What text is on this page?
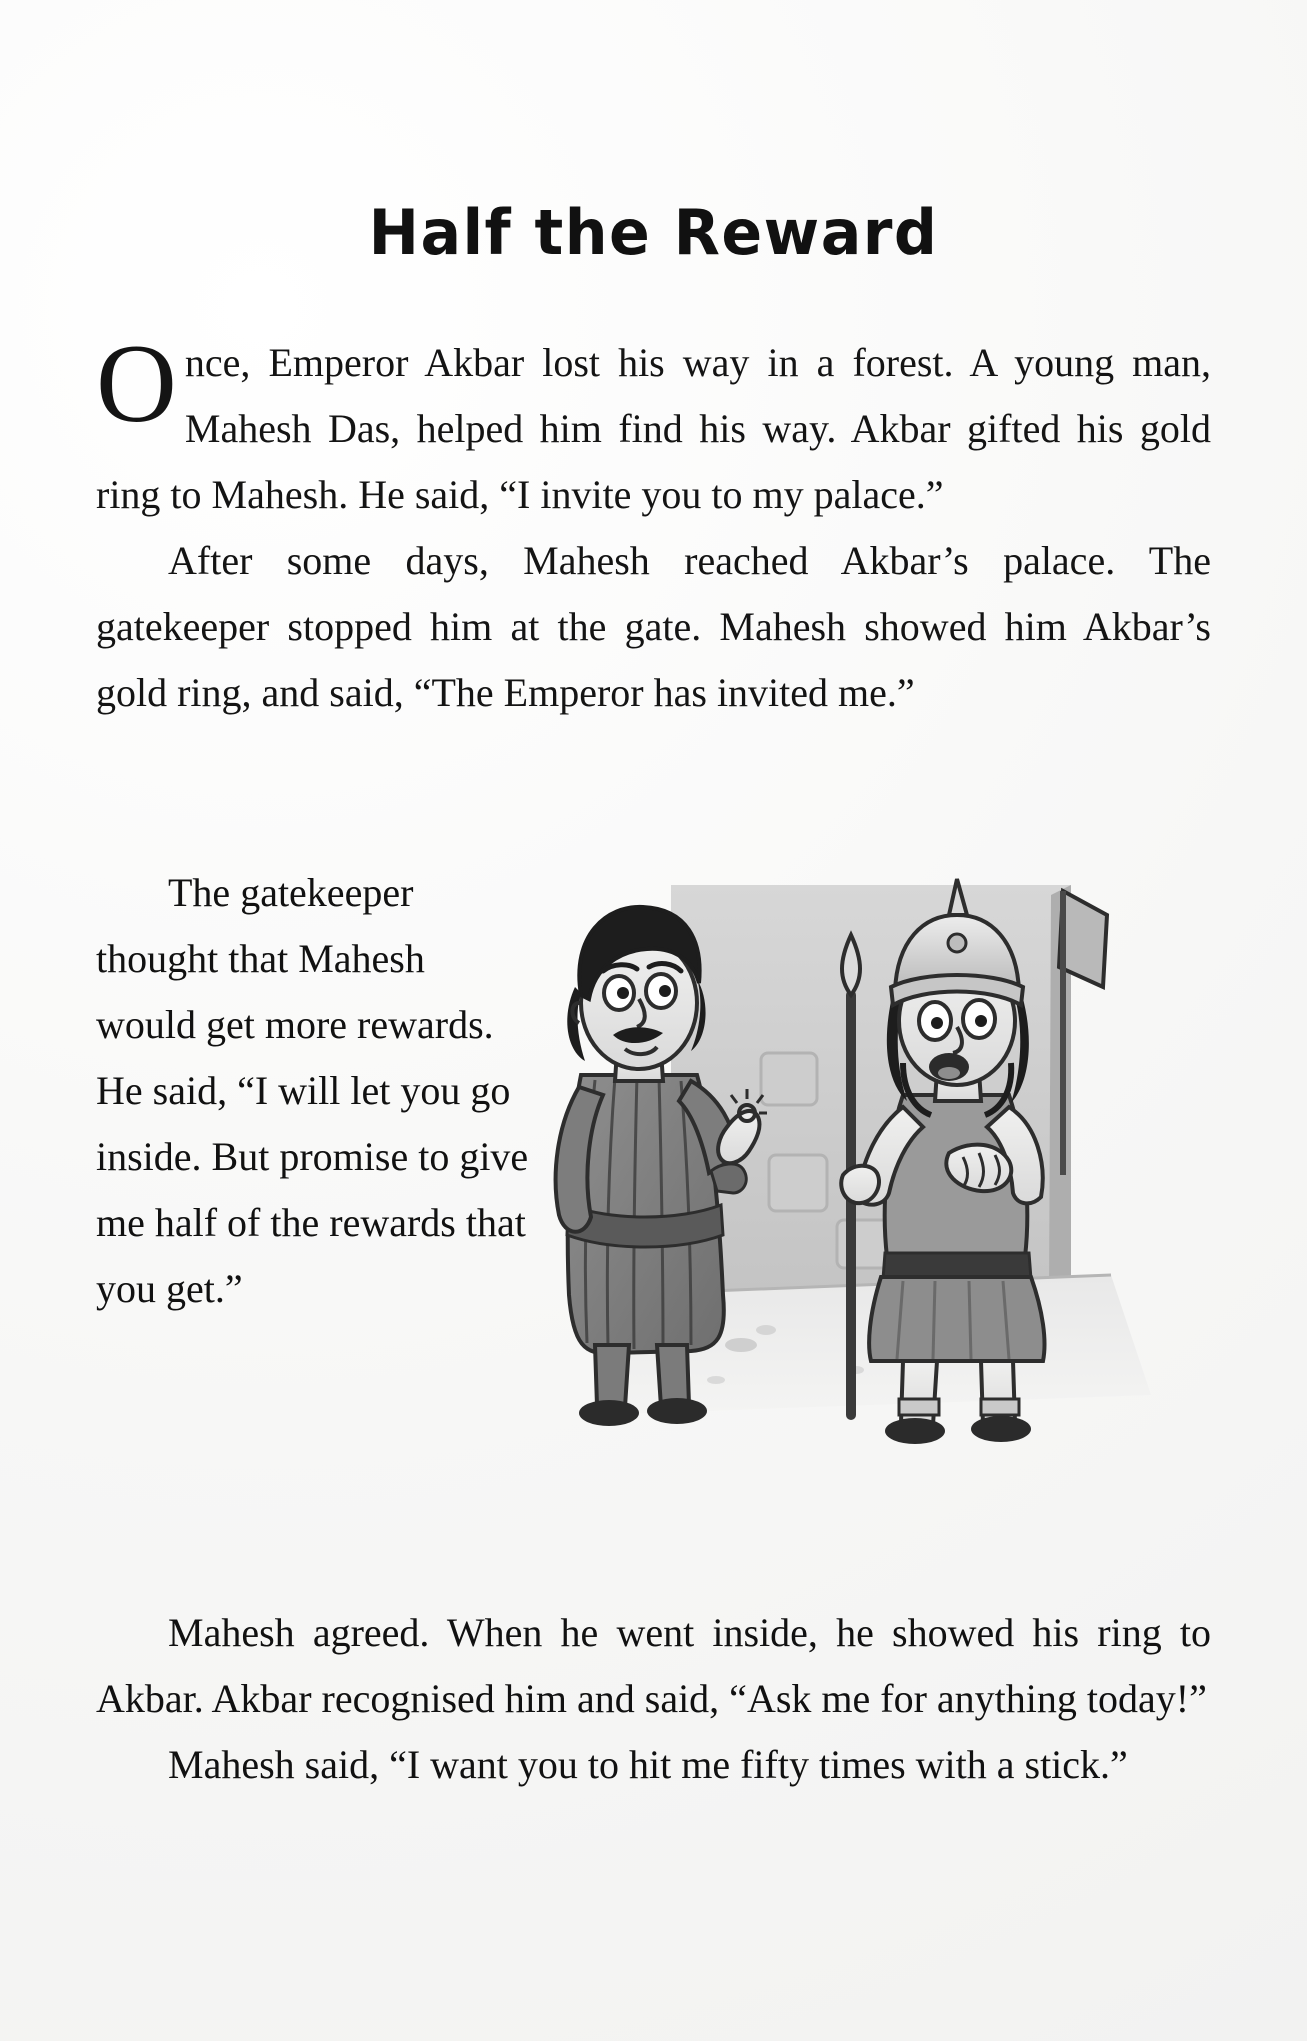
Half the Reward

Once, Emperor Akbar lost his way in a forest. A young man, Mahesh Das, helped him find his way. Akbar gifted his gold ring to Mahesh. He said, “I invite you to my palace.”

After some days, Mahesh reached Akbar’s palace. The gatekeeper stopped him at the gate. Mahesh showed him Akbar’s gold ring, and said, “The Emperor has invited me.”

The gatekeeper thought that Mahesh would get more rewards. He said, “I will let you go inside. But promise to give me half of the rewards that you get.”

Mahesh agreed. When he went inside, he showed his ring to Akbar. Akbar recognised him and said, “Ask me for anything today!”

Mahesh said, “I want you to hit me fifty times with a stick.”
